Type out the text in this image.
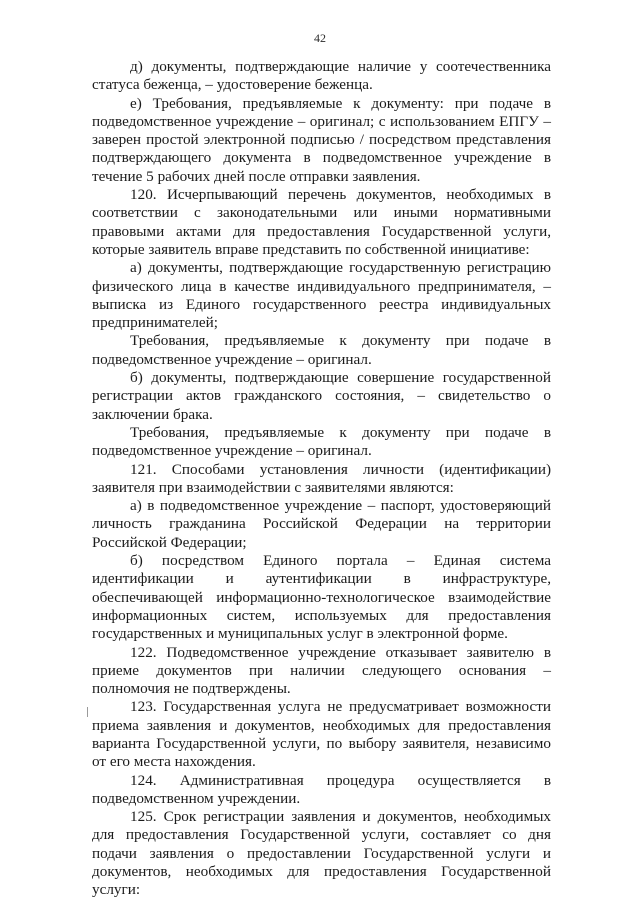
42

д) документы, подтверждающие наличие у соотечественника статуса беженца, – удостоверение беженца.

е) Требования, предъявляемые к документу: при подаче в подведомственное учреждение – оригинал; с использованием ЕПГУ – заверен простой электронной подписью / посредством представления подтверждающего документа в подведомственное учреждение в течение 5 рабочих дней после отправки заявления.

120. Исчерпывающий перечень документов, необходимых в соответствии с законодательными или иными нормативными правовыми актами для предоставления Государственной услуги, которые заявитель вправе представить по собственной инициативе:

а) документы, подтверждающие государственную регистрацию физического лица в качестве индивидуального предпринимателя, – выписка из Единого государственного реестра индивидуальных предпринимателей;

Требования, предъявляемые к документу при подаче в подведомственное учреждение – оригинал.

б) документы, подтверждающие совершение государственной регистрации актов гражданского состояния, – свидетельство о заключении брака.

Требования, предъявляемые к документу при подаче в подведомственное учреждение – оригинал.

121. Способами установления личности (идентификации) заявителя при взаимодействии с заявителями являются:

а) в подведомственное учреждение – паспорт, удостоверяющий личность гражданина Российской Федерации на территории Российской Федерации;

б) посредством Единого портала – Единая система идентификации и аутентификации в инфраструктуре, обеспечивающей информационно-технологическое взаимодействие информационных систем, используемых для предоставления государственных и муниципальных услуг в электронной форме.

122. Подведомственное учреждение отказывает заявителю в приеме документов при наличии следующего основания – полномочия не подтверждены.

123. Государственная услуга не предусматривает возможности приема заявления и документов, необходимых для предоставления варианта Государственной услуги, по выбору заявителя, независимо от его места нахождения.

124. Административная процедура осуществляется в подведомственном учреждении.

125. Срок регистрации заявления и документов, необходимых для предоставления Государственной услуги, составляет со дня подачи заявления о предоставлении Государственной услуги и документов, необходимых для предоставления Государственной услуги:
